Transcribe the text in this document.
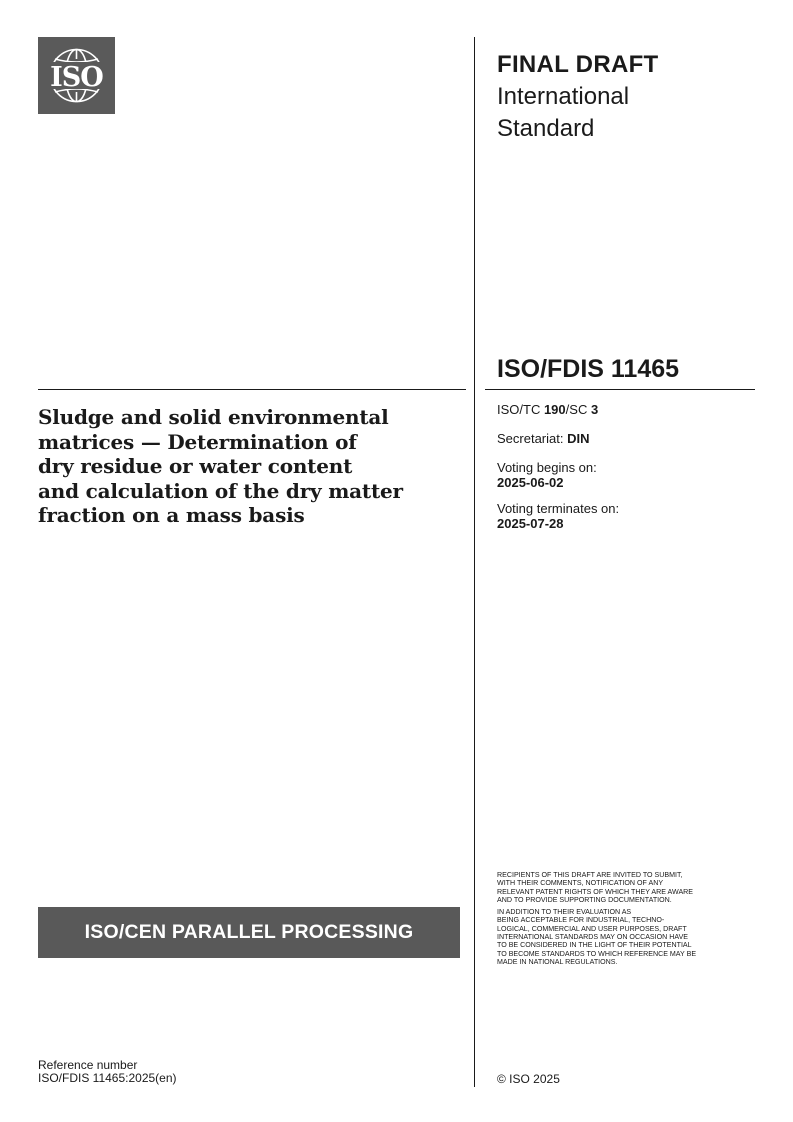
ISO	FINAL DRAFT
International
Standard
ISO/FDIS 11465
Sludge and solid environmental
matrices — Determination of
dry residue or water content
and calculation of the dry matter
fraction on a mass basis

ISO/TC 190/SC 3

Secretariat: DIN

Voting begins on:
2025-06-02

Voting terminates on:
2025-07-28

RECIPIENTS OF THIS DRAFT ARE INVITED TO SUBMIT,
WITH THEIR COMMENTS, NOTIFICATION OF ANY
RELEVANT PATENT RIGHTS OF WHICH THEY ARE AWARE
AND TO PROVIDE SUPPORTING DOCUMENTATION.

IN ADDITION TO THEIR EVALUATION AS
BEING ACCEPTABLE FOR INDUSTRIAL, TECHNO-
LOGICAL, COMMERCIAL AND USER PURPOSES, DRAFT
INTERNATIONAL STANDARDS MAY ON OCCASION HAVE
TO BE CONSIDERED IN THE LIGHT OF THEIR POTENTIAL
TO BECOME STANDARDS TO WHICH REFERENCE MAY BE
MADE IN NATIONAL REGULATIONS.

ISO/CEN PARALLEL PROCESSING
Reference number
ISO/FDIS 11465:2025(en)	© ISO 2025
